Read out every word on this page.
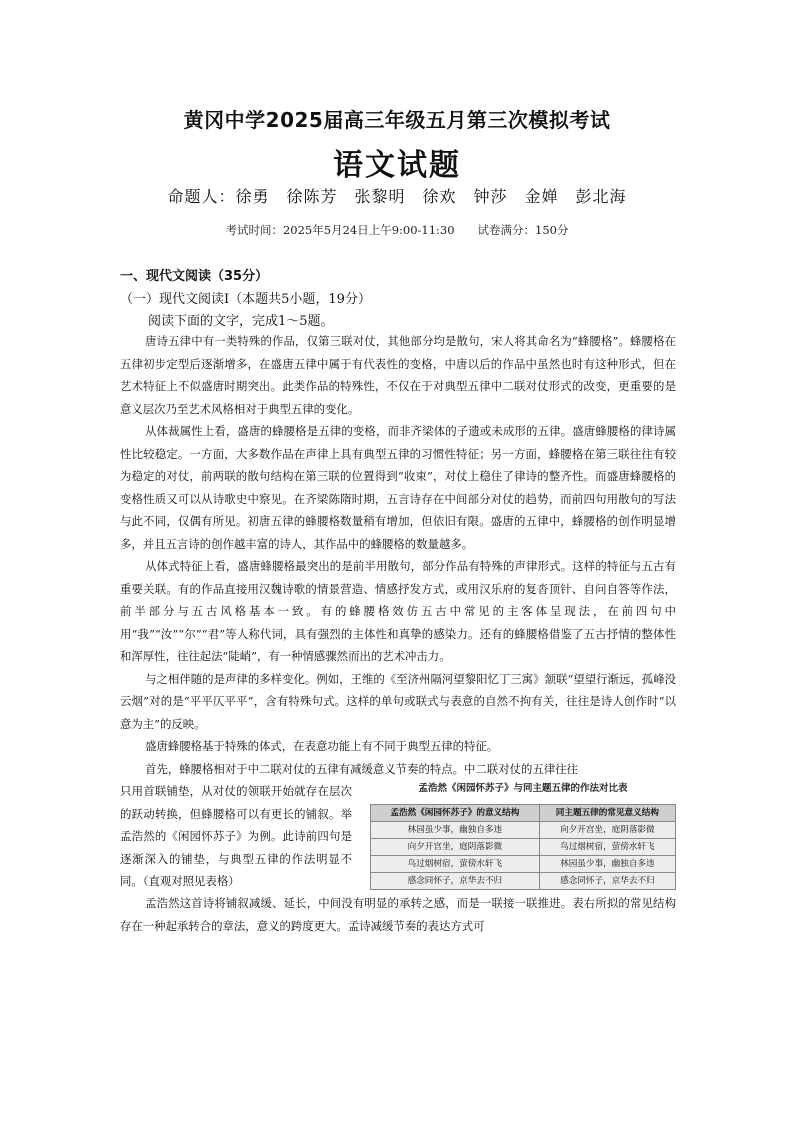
黄冈中学2025届高三年级五月第三次模拟考试
语文试题
命题人：徐勇　徐陈芳　张黎明　徐欢　钟莎　金婵　彭北海
考试时间：2025年5月24日上午9:00-11:30　　试卷满分：150分
一、现代文阅读（35分）
（一）现代文阅读Ⅰ（本题共5小题，19分）
阅读下面的文字，完成1～5题。

唐诗五律中有一类特殊的作品，仅第三联对仗，其他部分均是散句，宋人将其命名为“蜂腰格”。蜂腰格在五律初步定型后逐渐增多，在盛唐五律中属于有代表性的变格，中唐以后的作品中虽然也时有这种形式，但在艺术特征上不似盛唐时期突出。此类作品的特殊性，不仅在于对典型五律中二联对仗形式的改变，更重要的是意义层次乃至艺术风格相对于典型五律的变化。

从体裁属性上看，盛唐的蜂腰格是五律的变格，而非齐梁体的子遗或未成形的五律。盛唐蜂腰格的律诗属性比较稳定。一方面，大多数作品在声律上具有典型五律的习惯性特征；另一方面，蜂腰格在第三联往往有较为稳定的对仗，前两联的散句结构在第三联的位置得到“收束”，对仗上稳住了律诗的整齐性。而盛唐蜂腰格的变格性质又可以从诗歌史中察见。在齐梁陈隋时期，五言诗存在中间部分对仗的趋势，而前四句用散句的写法与此不同，仅偶有所见。初唐五律的蜂腰格数量稍有增加，但依旧有限。盛唐的五律中，蜂腰格的创作明显增多，并且五言诗的创作越丰富的诗人，其作品中的蜂腰格的数量越多。

从体式特征上看，盛唐蜂腰格最突出的是前半用散句，部分作品有特殊的声律形式。这样的特征与五古有重要关联。有的作品直接用汉魏诗歌的情景营造、情感抒发方式，或用汉乐府的复沓顶针、自问自答等作法，前半部分与五古风格基本一致。有的蜂腰格效仿五古中常见的主客体呈现法，在前四句中用“我”“汝”“尔”“君”等人称代词，具有强烈的主体性和真挚的感染力。还有的蜂腰格借鉴了五古抒情的整体性和浑厚性，往往起法“陡峭”，有一种情感骤然而出的艺术冲击力。

与之相伴随的是声律的多样变化。例如，王维的《至济州隔河望黎阳忆丁三寓》颔联“望望行渐远，孤峰没云烟”对的是“平平仄平平”，含有特殊句式。这样的单句或联式与表意的自然不拘有关，往往是诗人创作时“以意为主”的反映。

盛唐蜂腰格基于特殊的体式，在表意功能上有不同于典型五律的特征。

首先，蜂腰格相对于中二联对仗的五律有减缓意义节奏的特点。中二联对仗的五律往往

只用首联铺垫，从对仗的领联开始就存在层次的跃动转换，但蜂腰格可以有更长的铺叙。举孟浩然的《闲园怀苏子》为例。此诗前四句是逐渐深入的铺垫，与典型五律的作法明显不同。（直观对照见表格）

孟浩然《闲园怀苏子》与同主题五律的作法对比表
孟浩然《闲园怀苏子》的意义结构	同主题五律的常见意义结构
林园虽少事，幽独自多违	向夕开宫坐，庭阴落影微
向夕开宫坐，庭阴落影微	鸟过烟树宿，萤傍水轩飞
鸟过烟树宿，萤傍水轩飞	林园虽少事，幽独自多违
感念同怀子，京华去不归	感念同怀子，京华去不归

孟浩然这首诗将铺叙减缓、延长，中间没有明显的承转之感，而是一联接一联推进。表右所拟的常见结构存在一种起承转合的章法，意义的跨度更大。孟诗减缓节奏的表达方式可
